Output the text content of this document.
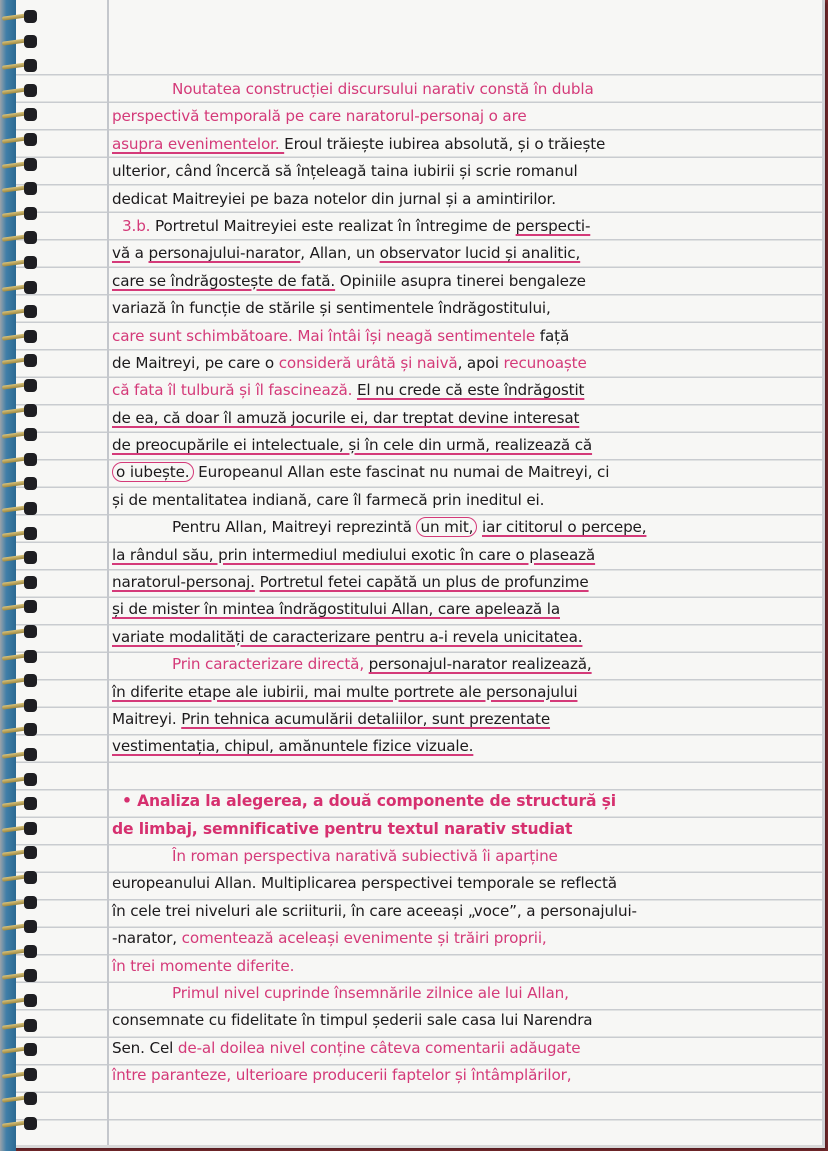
Noutatea construcției discursului narativ constă în dubla
perspectivă temporală pe care naratorul-personaj o are
asupra evenimentelor. Eroul trăiește iubirea absolută, și o trăiește
ulterior, când încercă să înțeleagă taina iubirii și scrie romanul
dedicat Maitreyiei pe baza notelor din jurnal și a amintirilor.
3.b. Portretul Maitreyiei este realizat în întregime de perspecti-
vă a personajului-narator, Allan, un observator lucid și analitic,
care se îndrăgostește de fată. Opiniile asupra tinerei bengaleze
variază în funcție de stările și sentimentele îndrăgostitului,
care sunt schimbătoare. Mai întâi își neagă sentimentele față
de Maitreyi, pe care o consideră urâtă și naivă, apoi recunoaște
că fata îl tulbură și îl fascinează. El nu crede că este îndrăgostit
de ea, că doar îl amuză jocurile ei, dar treptat devine interesat
de preocupările ei intelectuale, și în cele din urmă, realizează că
o iubește. Europeanul Allan este fascinat nu numai de Maitreyi, ci
și de mentalitatea indiană, care îl farmecă prin ineditul ei.
Pentru Allan, Maitreyi reprezintă un mit, iar cititorul o percepe,
la rândul său, prin intermediul mediului exotic în care o plasează
naratorul-personaj. Portretul fetei capătă un plus de profunzime
și de mister în mintea îndrăgostitului Allan, care apelează la
variate modalități de caracterizare pentru a-i revela unicitatea.
Prin caracterizare directă, personajul-narator realizează,
în diferite etape ale iubirii, mai multe portrete ale personajului
Maitreyi. Prin tehnica acumulării detaliilor, sunt prezentate
vestimentația, chipul, amănuntele fizice vizuale.
• Analiza la alegerea, a două componente de structură și
de limbaj, semnificative pentru textul narativ studiat
În roman perspectiva narativă subiectivă îi aparține
europeanului Allan. Multiplicarea perspectivei temporale se reflectă
în cele trei niveluri ale scriiturii, în care aceeași „voce”, a personajului-
-narator, comentează aceleași evenimente și trăiri proprii,
în trei momente diferite.
Primul nivel cuprinde însemnările zilnice ale lui Allan,
consemnate cu fidelitate în timpul șederii sale casa lui Narendra
Sen. Cel de-al doilea nivel conține câteva comentarii adăugate
între paranteze, ulterioare producerii faptelor și întâmplărilor,
